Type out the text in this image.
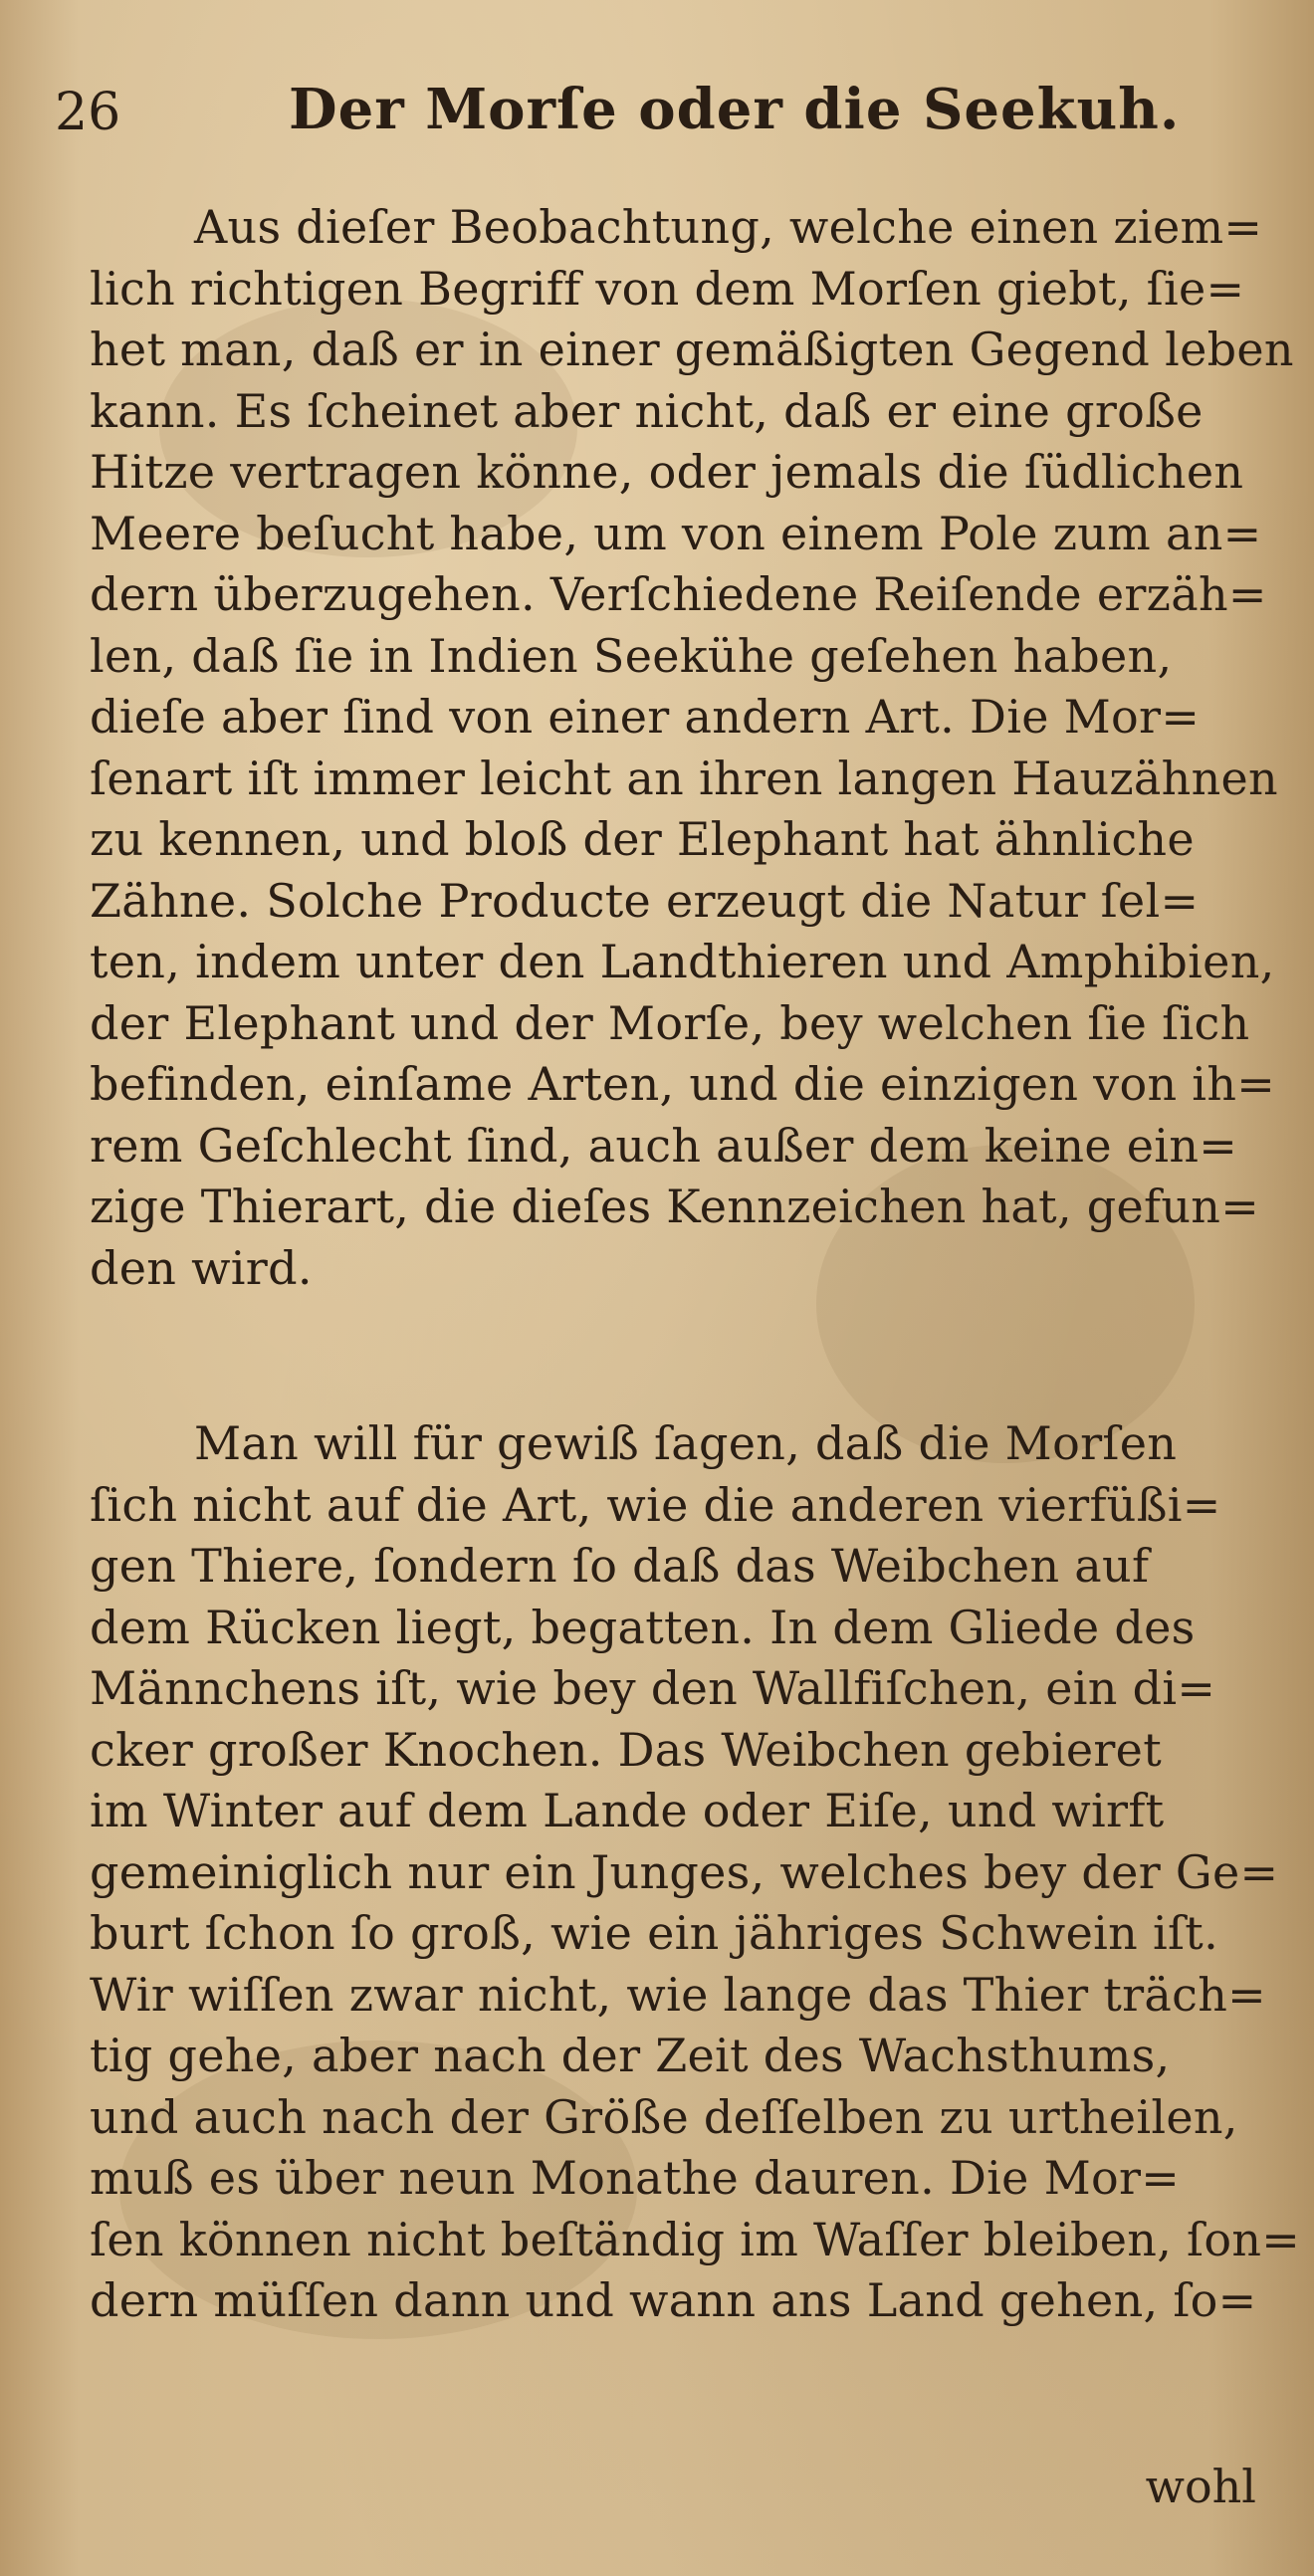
26	Der Morſe oder die Seekuh.
Aus dieſer Beobachtung, welche einen ziem=
lich richtigen Begriff von dem Morſen giebt, ſie=
het man, daß er in einer gemäßigten Gegend leben
kann. Es ſcheinet aber nicht, daß er eine große
Hitze vertragen könne, oder jemals die ſüdlichen
Meere beſucht habe, um von einem Pole zum an=
dern überzugehen. Verſchiedene Reiſende erzäh=
len, daß ſie in Indien Seekühe geſehen haben,
dieſe aber ſind von einer andern Art. Die Mor=
ſenart iſt immer leicht an ihren langen Hauzähnen
zu kennen, und bloß der Elephant hat ähnliche
Zähne. Solche Producte erzeugt die Natur ſel=
ten, indem unter den Landthieren und Amphibien,
der Elephant und der Morſe, bey welchen ſie ſich
befinden, einſame Arten, und die einzigen von ih=
rem Geſchlecht ſind, auch außer dem keine ein=
zige Thierart, die dieſes Kennzeichen hat, gefun=
den wird.
Man will für gewiß ſagen, daß die Morſen
ſich nicht auf die Art, wie die anderen vierfüßi=
gen Thiere, ſondern ſo daß das Weibchen auf
dem Rücken liegt, begatten. In dem Gliede des
Männchens iſt, wie bey den Wallfiſchen, ein di=
cker großer Knochen. Das Weibchen gebieret
im Winter auf dem Lande oder Eiſe, und wirft
gemeiniglich nur ein Junges, welches bey der Ge=
burt ſchon ſo groß, wie ein jähriges Schwein iſt.
Wir wiſſen zwar nicht, wie lange das Thier träch=
tig gehe, aber nach der Zeit des Wachsthums,
und auch nach der Größe deſſelben zu urtheilen,
muß es über neun Monathe dauren. Die Mor=
ſen können nicht beſtändig im Waſſer bleiben, ſon=
dern müſſen dann und wann ans Land gehen, ſo=
wohl
